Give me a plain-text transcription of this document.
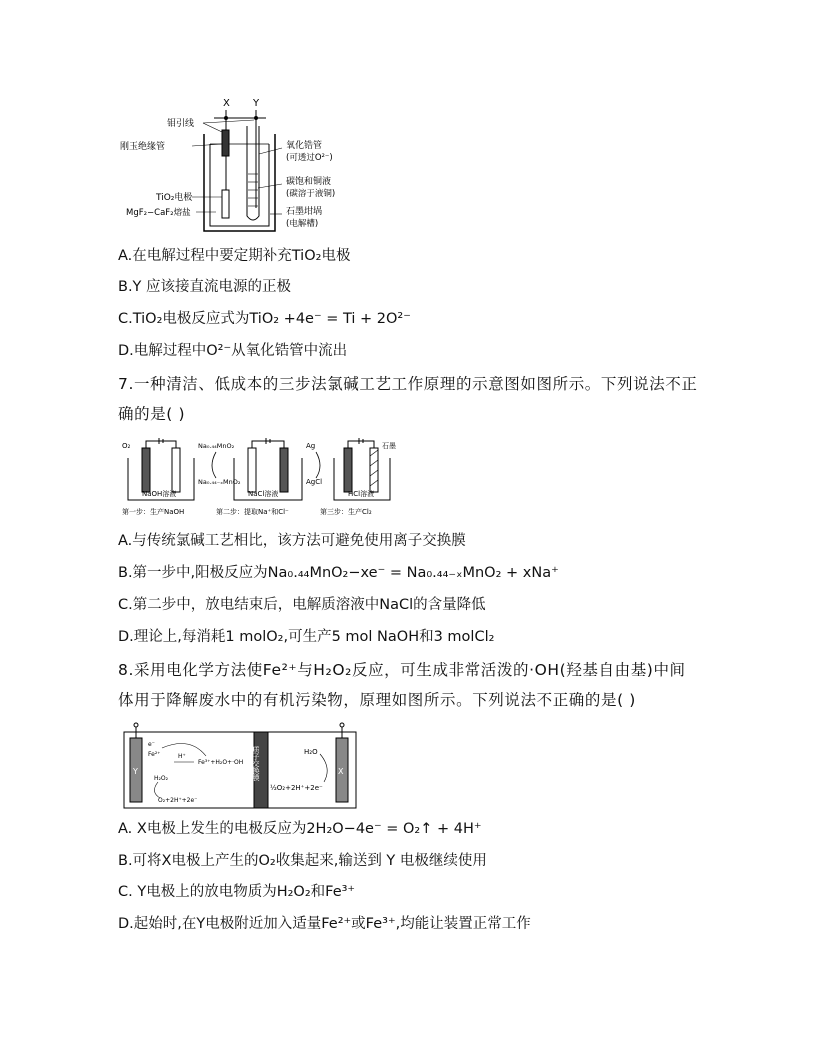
X Y
钼引线
刚玉绝缘管
TiO₂电极
MgF₂−CaF₂熔盐
氧化锆管
(可透过O²⁻)
碳饱和铜液
(碳溶于液铜)
石墨坩埚
(电解槽)
A.在电解过程中要定期补充TiO₂电极
B.Y 应该接直流电源的正极
C.TiO₂电极反应式为TiO₂ +4e⁻ = Ti + 2O²⁻
D.电解过程中O²⁻从氧化锆管中流出
7.一种清洁、低成本的三步法氯碱工艺工作原理的示意图如图所示。下列说法不正
确的是( )
O₂
NaOH溶液	NaCl溶液
Na₀.₄₄MnO₂
Na₀.₄₄₋ₓMnO₂
Ag
AgCl
石墨
HCl溶液
第一步：生产NaOH	第二步：提取Na⁺和Cl⁻	第三步：生产Cl₂
A.与传统氯碱工艺相比，该方法可避免使用离子交换膜
B.第一步中,阳极反应为Na₀.₄₄MnO₂−xe⁻ = Na₀.₄₄₋ₓMnO₂ + xNa⁺
C.第二步中，放电结束后，电解质溶液中NaCl的含量降低
D.理论上,每消耗1 molO₂,可生产5 mol NaOH和3 molCl₂
8.采用电化学方法使Fe²⁺与H₂O₂反应，可生成非常活泼的·OH(羟基自由基)中间
体用于降解废水中的有机污染物，原理如图所示。下列说法不正确的是( )
Y	X
质子交换膜
e⁻
Fe²⁺	H⁺
Fe³⁺+H₂O+·OH
H₂O₂
O₂+2H⁺+2e⁻
H₂O
½O₂+2H⁺+2e⁻
A. X电极上发生的电极反应为2H₂O−4e⁻ = O₂↑ + 4H⁺
B.可将X电极上产生的O₂收集起来,输送到 Y 电极继续使用
C. Y电极上的放电物质为H₂O₂和Fe³⁺
D.起始时,在Y电极附近加入适量Fe²⁺或Fe³⁺,均能让装置正常工作
